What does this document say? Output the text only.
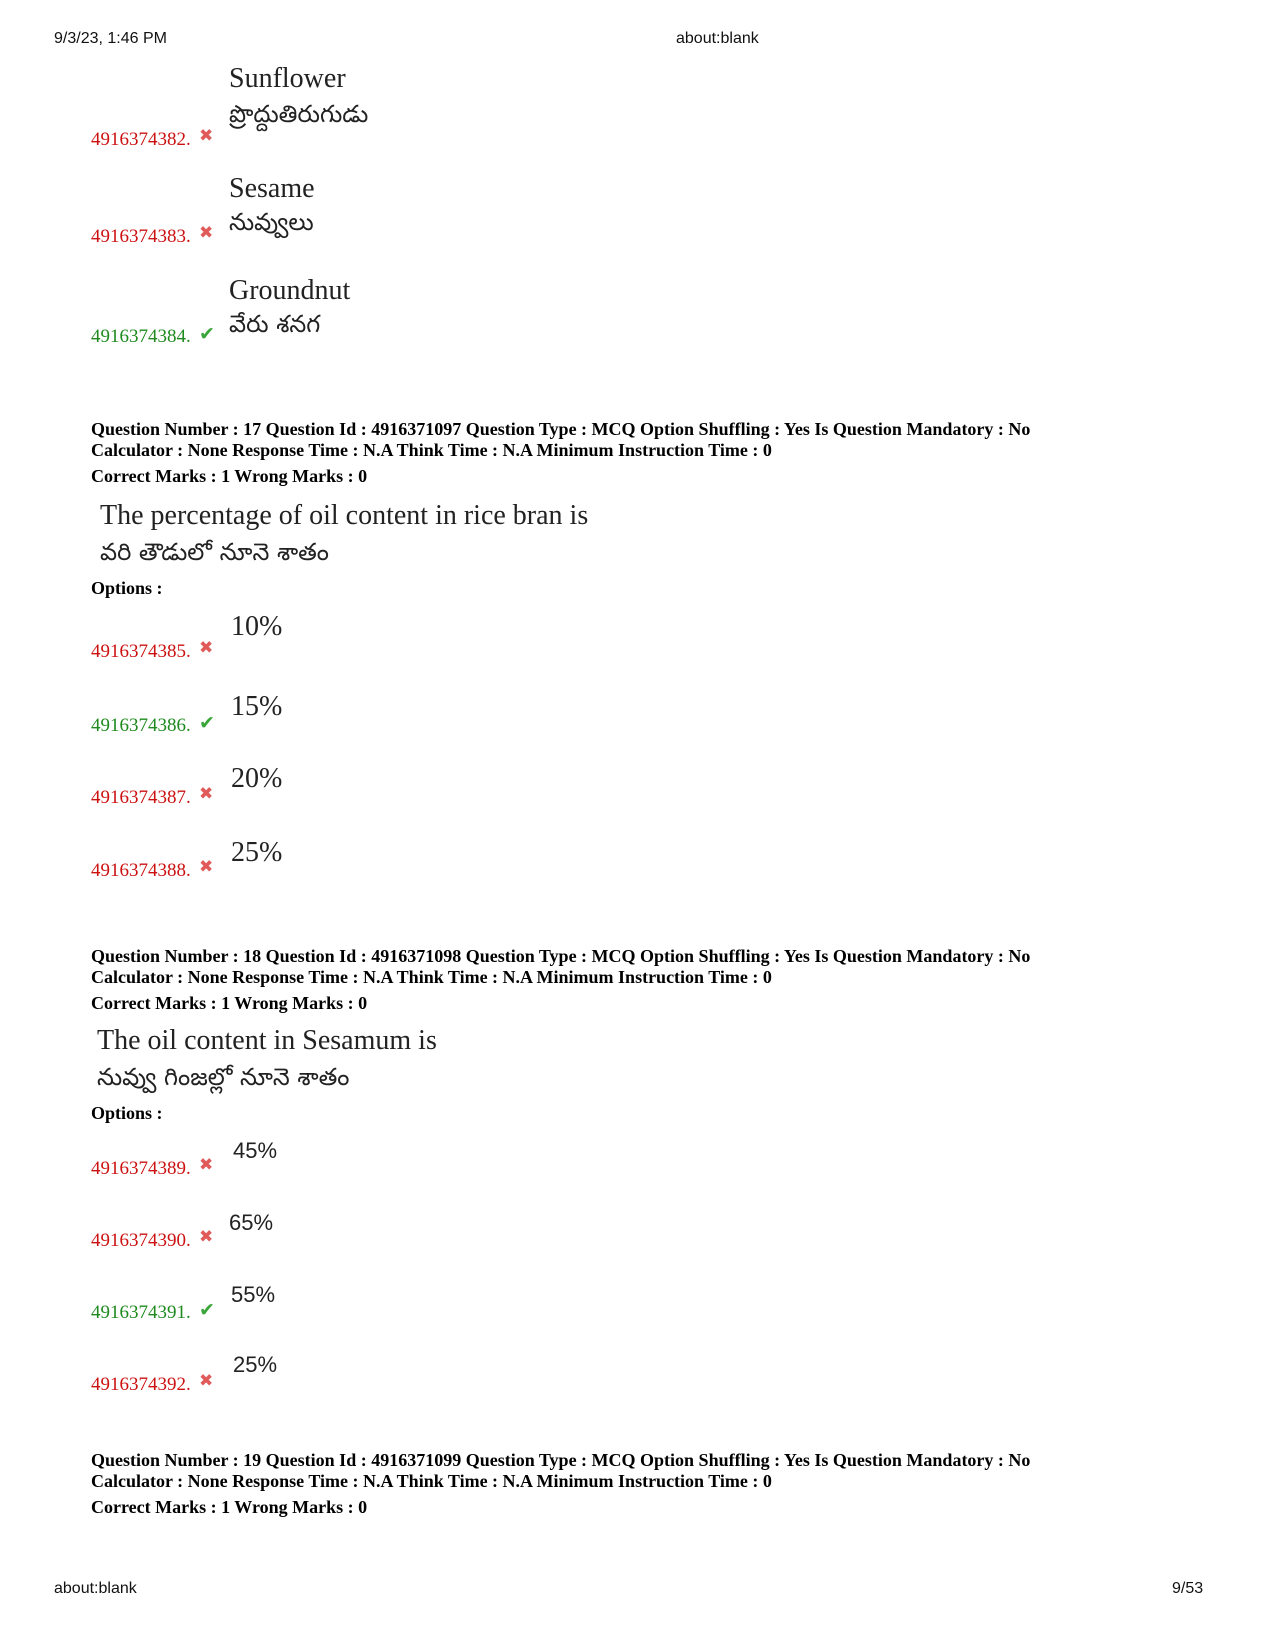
9/3/23, 1:46 PM	about:blank
Sunflower
ప్రొద్దుతిరుగుడు
4916374382. ✖
Sesame
నువ్వులు
4916374383. ✖
Groundnut
వేరు శనగ
4916374384. ✔
Question Number : 17 Question Id : 4916371097 Question Type : MCQ Option Shuffling : Yes Is Question Mandatory : No
Calculator : None Response Time : N.A Think Time : N.A Minimum Instruction Time : 0
Correct Marks : 1 Wrong Marks : 0
The percentage of oil content in rice bran is
వరి తౌడులో నూనె శాతం
Options :
10%
4916374385. ✖
15%
4916374386. ✔
20%
4916374387. ✖
25%
4916374388. ✖
Question Number : 18 Question Id : 4916371098 Question Type : MCQ Option Shuffling : Yes Is Question Mandatory : No
Calculator : None Response Time : N.A Think Time : N.A Minimum Instruction Time : 0
Correct Marks : 1 Wrong Marks : 0
The oil content in Sesamum is
నువ్వు గింజల్లో నూనె శాతం
Options :
45%
4916374389. ✖
65%
4916374390. ✖
55%
4916374391. ✔
25%
4916374392. ✖
Question Number : 19 Question Id : 4916371099 Question Type : MCQ Option Shuffling : Yes Is Question Mandatory : No
Calculator : None Response Time : N.A Think Time : N.A Minimum Instruction Time : 0
Correct Marks : 1 Wrong Marks : 0
about:blank	9/53
